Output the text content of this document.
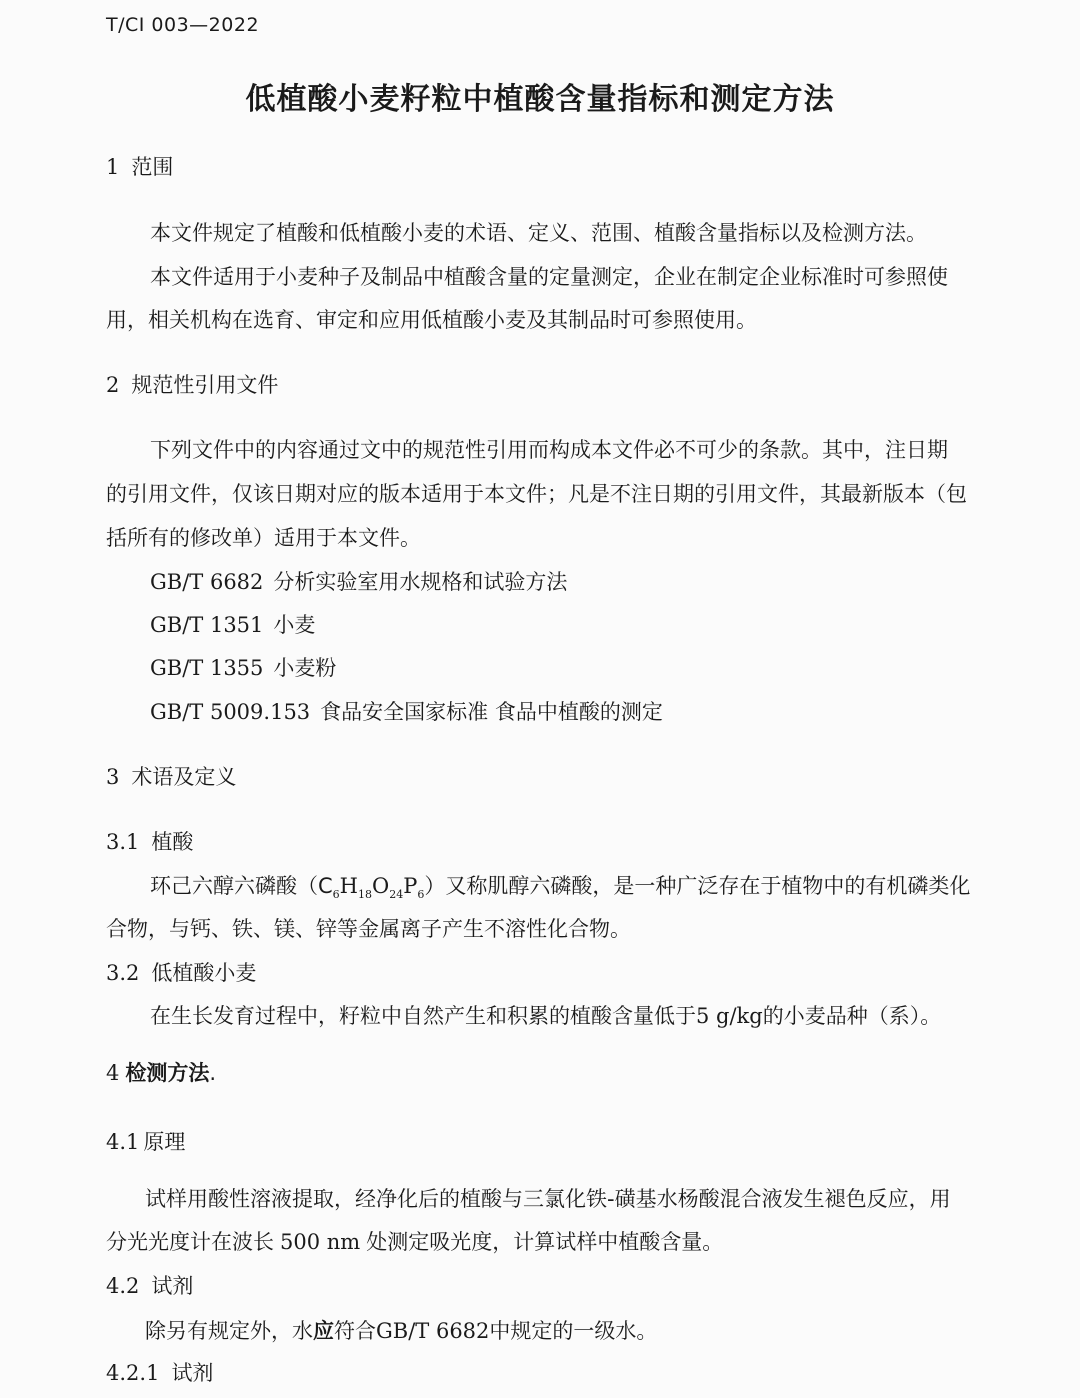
T/CI 003—2022
低植酸小麦籽粒中植酸含量指标和测定方法
1 范围
本文件规定了植酸和低植酸小麦的术语、定义、范围、植酸含量指标以及检测方法。
本文件适用于小麦种子及制品中植酸含量的定量测定，企业在制定企业标准时可参照使
用，相关机构在选育、审定和应用低植酸小麦及其制品时可参照使用。
2 规范性引用文件
下列文件中的内容通过文中的规范性引用而构成本文件必不可少的条款。其中，注日期
的引用文件，仅该日期对应的版本适用于本文件；凡是不注日期的引用文件，其最新版本（包
括所有的修改单）适用于本文件。
GB/T 6682 分析实验室用水规格和试验方法
GB/T 1351 小麦
GB/T 1355 小麦粉
GB/T 5009.153 食品安全国家标准 食品中植酸的测定
3 术语及定义
3.1 植酸
环己六醇六磷酸$(C_6H_{18}O_{24}P_6)$又称肌醇六磷酸，是一种广泛存在于植物中的有机磷类化
合物，与钙、铁、镁、锌等金属离子产生不溶性化合物。
3.2 低植酸小麦
在生长发育过程中，籽粒中自然产生和积累的植酸含量低于5 g/kg的小麦品种（系）。
4 检测方法.
4.1 原理
试样用酸性溶液提取，经净化后的植酸与三氯化铁-磺基水杨酸混合液发生褪色反应，用
分光光度计在波长 500 nm 处测定吸光度，计算试样中植酸含量。
4.2 试剂
除另有规定外，水应符合GB/T 6682中规定的一级水。
4.2.1 试剂
